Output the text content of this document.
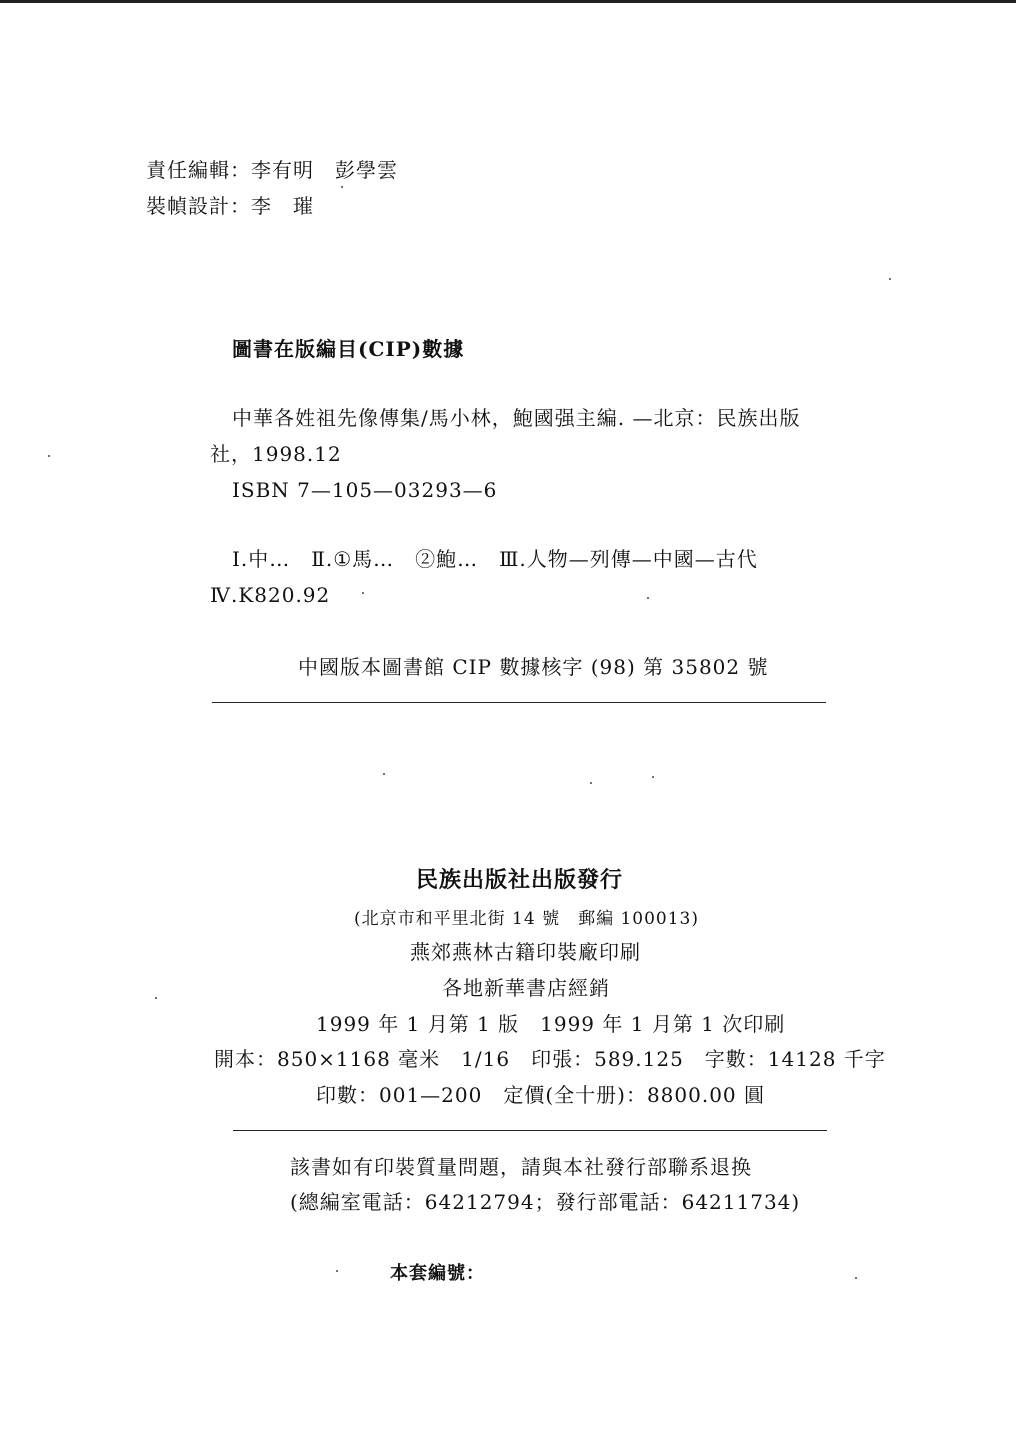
責任編輯：李有明　彭學雲
裝幀設計：李　璀
圖書在版編目(CIP)數據
中華各姓祖先像傳集/馬小林，鮑國强主編. —北京：民族出版
社，1998.12
ISBN 7—105—03293—6
Ⅰ.中…　Ⅱ.①馬…　②鮑…　Ⅲ.人物—列傳—中國—古代
Ⅳ.K820.92
中國版本圖書館 CIP 數據核字 (98) 第 35802 號
民族出版社出版發行
(北京市和平里北街 14 號　郵編 100013)
燕郊燕林古籍印裝廠印刷
各地新華書店經銷
1999 年 1 月第 1 版　1999 年 1 月第 1 次印刷
開本：850×1168 毫米　1/16　印張：589.125　字數：14128 千字
印數：001—200　定價(全十册)：8800.00 圓
該書如有印裝質量問題，請與本社發行部聯系退换
(總編室電話：64212794；發行部電話：64211734)
本套編號：
